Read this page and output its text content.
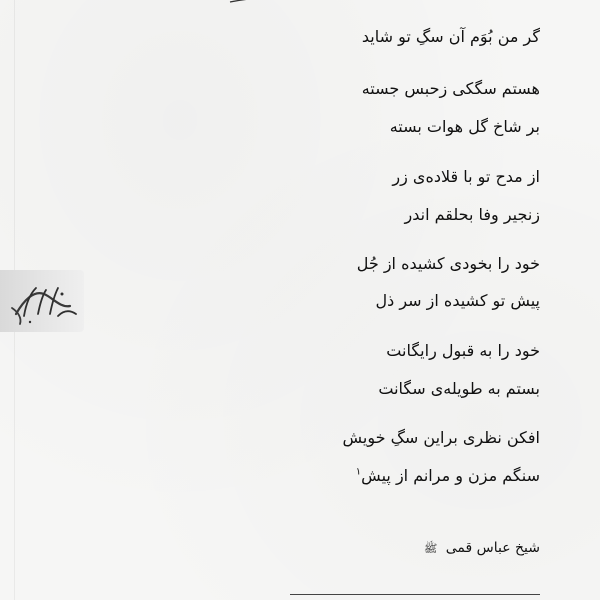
گر من بُوَم آن سگِ تو شاید
هستم سگکی زحبس جسته
بر شاخ گل هوات بسته
از مدح تو با قلاده‌ی زر
زنجیر وفا بحلقم اندر
خود را بخودی کشیده از جُل
پیش تو کشیده از سر ذل
خود را به قبول رایگانت
بستم به طویله‌ی سگانت
افکن نظری براین سگِ خویش
سنگم مزن و مرانم از پیش$^۱$
شیخ عباس قمی ﷺ
